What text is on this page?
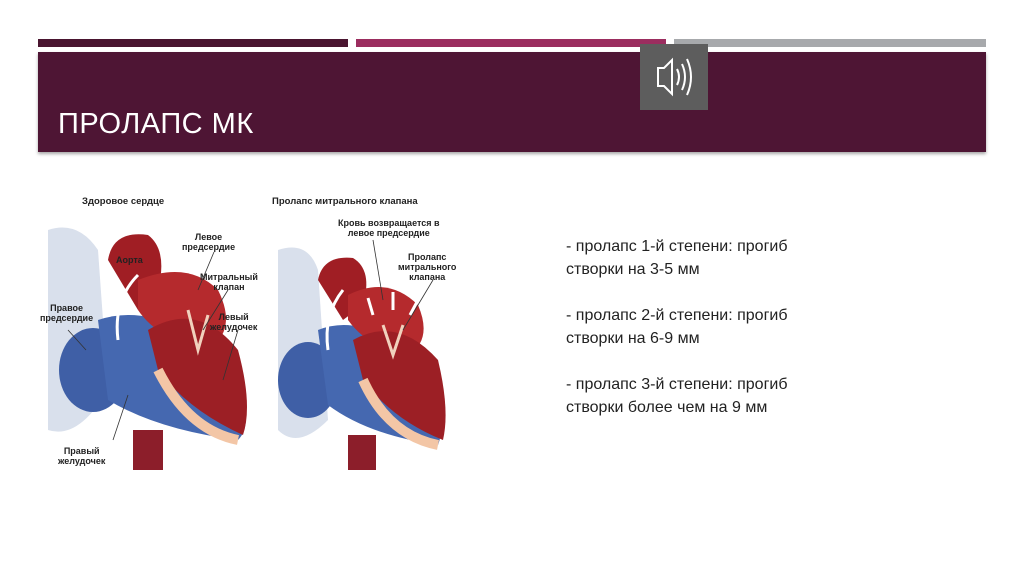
ПРОЛАПС МК
Здоровое сердце	Пролапс митрального клапана
Аорта
Левое
предсердие
Митральный
клапан
Левый
желудочек
Правое
предсердие
Правый
желудочек
Кровь возвращается в
левое предсердие
Пролапс
митрального
клапана
- пролапс 1-й степени: прогиб
створки на 3-5 мм
- пролапс 2-й степени: прогиб
створки на 6-9 мм
- пролапс 3-й степени: прогиб
створки более чем на 9 мм
